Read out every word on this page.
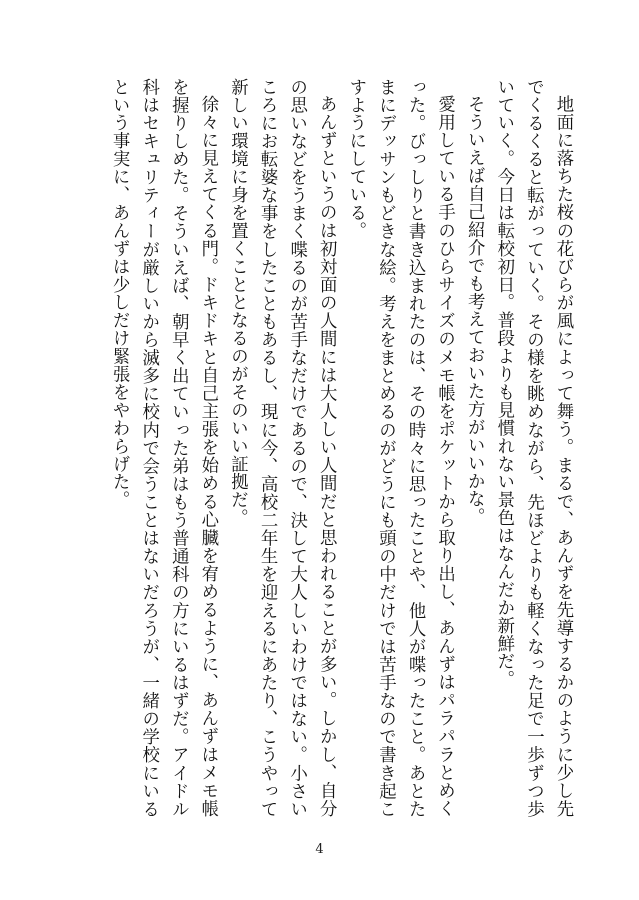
地面に落ちた桜の花びらが風によって舞う。まるで、あんずを先導するかのように少し先でくるくると転がっていく。その様を眺めながら、先ほどよりも軽くなった足で一歩ずつ歩いていく。今日は転校初日。普段よりも見慣れない景色はなんだか新鮮だ。

そういえば自己紹介でも考えておいた方がいいかな。

愛用している手のひらサイズのメモ帳をポケットから取り出し、あんずはパラパラとめくった。びっしりと書き込まれたのは、その時々に思ったことや、他人が喋ったこと。あとたまにデッサンもどきな絵。考えをまとめるのがどうにも頭の中だけでは苦手なので書き起こすようにしている。

あんずというのは初対面の人間には大人しい人間だと思われることが多い。しかし、自分の思いなどをうまく喋るのが苦手なだけであるので、決して大人しいわけではない。小さいころにお転婆な事をしたこともあるし、現に今、高校二年生を迎えるにあたり、こうやって新しい環境に身を置くこととなるのがそのいい証拠だ。

徐々に見えてくる門。ドキドキと自己主張を始める心臓を宥めるように、あんずはメモ帳を握りしめた。そういえば、朝早く出ていった弟はもう普通科の方にいるはずだ。アイドル科はセキュリティーが厳しいから滅多に校内で会うことはないだろうが、一緒の学校にいるという事実に、あんずは少しだけ緊張をやわらげた。

4
